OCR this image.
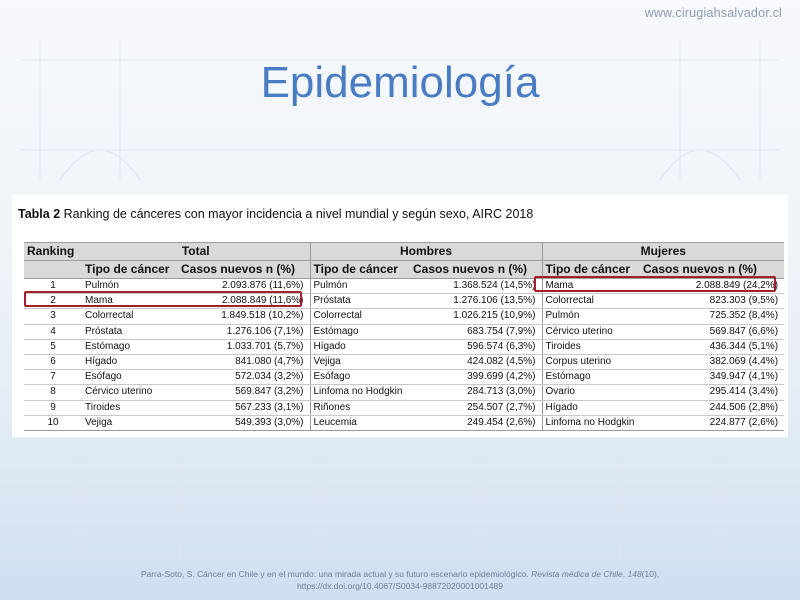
www.cirugiahsalvador.cl
Epidemiología
Tabla 2 Ranking de cánceres con mayor incidencia a nivel mundial y según sexo, AIRC 2018
Ranking	Total		Hombres		Mujeres	
	Tipo de cáncer	Casos nuevos n (%)	Tipo de cáncer	Casos nuevos n (%)	Tipo de cáncer	Casos nuevos n (%)
1	Pulmón	2.093.876 (11,6%)	Pulmón	1.368.524 (14,5%)	Mama	2.088.849 (24,2%)
2	Mama	2.088.849 (11,6%)	Próstata	1.276.106 (13,5%)	Colorrectal	823.303 (9,5%)
3	Colorrectal	1.849.518 (10,2%)	Colorrectal	1.026.215 (10,9%)	Pulmón	725.352 (8,4%)
4	Próstata	1.276.106 (7,1%)	Estómago	683.754 (7,9%)	Cérvico uterino	569.847 (6,6%)
5	Estómago	1.033.701 (5,7%)	Hígado	596.574 (6,3%)	Tiroides	436.344 (5,1%)
6	Hígado	841.080 (4,7%)	Vejiga	424.082 (4,5%)	Corpus uterino	382.069 (4,4%)
7	Esófago	572.034 (3,2%)	Esófago	399.699 (4,2%)	Estómago	349.947 (4,1%)
8	Cérvico uterino	569.847 (3,2%)	Linfoma no Hodgkin	284.713 (3,0%)	Ovario	295.414 (3,4%)
9	Tiroides	567.233 (3,1%)	Riñones	254.507 (2,7%)	Hígado	244.506 (2,8%)
10	Vejiga	549.393 (3,0%)	Leucemia	249.454 (2,6%)	Linfoma no Hodgkin	224.877 (2,6%)
Parra-Soto, S. Cáncer en Chile y en el mundo: una mirada actual y su futuro escenario epidemiológico. Revista médica de Chile, 148(10), https://dx.doi.org/10.4067/S0034-98872020001001489
